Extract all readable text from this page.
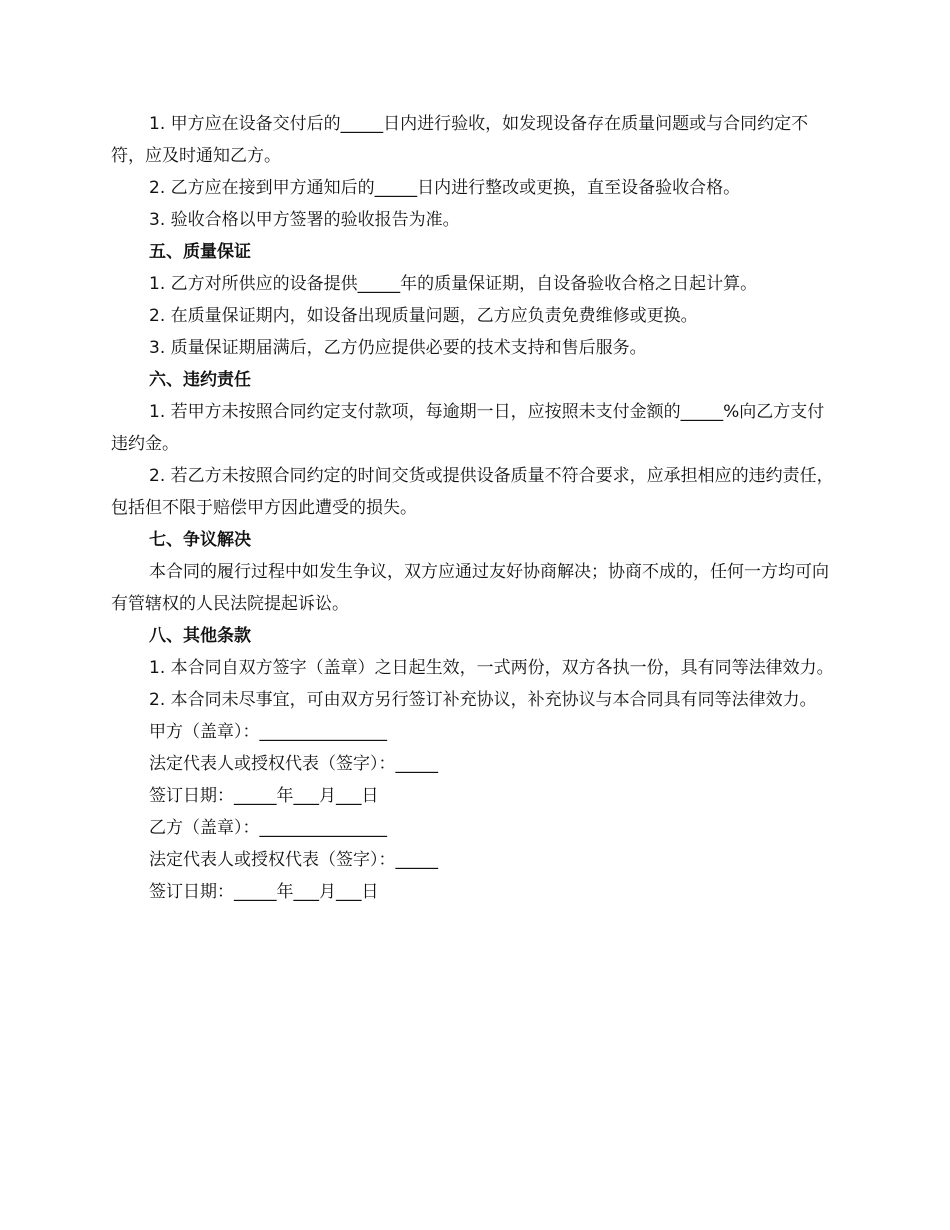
1. 甲方应在设备交付后的_____日内进行验收，如发现设备存在质量问题或与合同约定不符，应及时通知乙方。

2. 乙方应在接到甲方通知后的_____日内进行整改或更换，直至设备验收合格。

3. 验收合格以甲方签署的验收报告为准。

五、质量保证

1. 乙方对所供应的设备提供_____年的质量保证期，自设备验收合格之日起计算。

2. 在质量保证期内，如设备出现质量问题，乙方应负责免费维修或更换。

3. 质量保证期届满后，乙方仍应提供必要的技术支持和售后服务。

六、违约责任

1. 若甲方未按照合同约定支付款项，每逾期一日，应按照未支付金额的_____%向乙方支付违约金。

2. 若乙方未按照合同约定的时间交货或提供设备质量不符合要求，应承担相应的违约责任，包括但不限于赔偿甲方因此遭受的损失。

七、争议解决

本合同的履行过程中如发生争议，双方应通过友好协商解决；协商不成的，任何一方均可向有管辖权的人民法院提起诉讼。

八、其他条款

1. 本合同自双方签字（盖章）之日起生效，一式两份，双方各执一份，具有同等法律效力。

2. 本合同未尽事宜，可由双方另行签订补充协议，补充协议与本合同具有同等法律效力。

甲方（盖章）：_______________

法定代表人或授权代表（签字）：_____

签订日期：_____年___月___日

乙方（盖章）：_______________

法定代表人或授权代表（签字）：_____

签订日期：_____年___月___日
